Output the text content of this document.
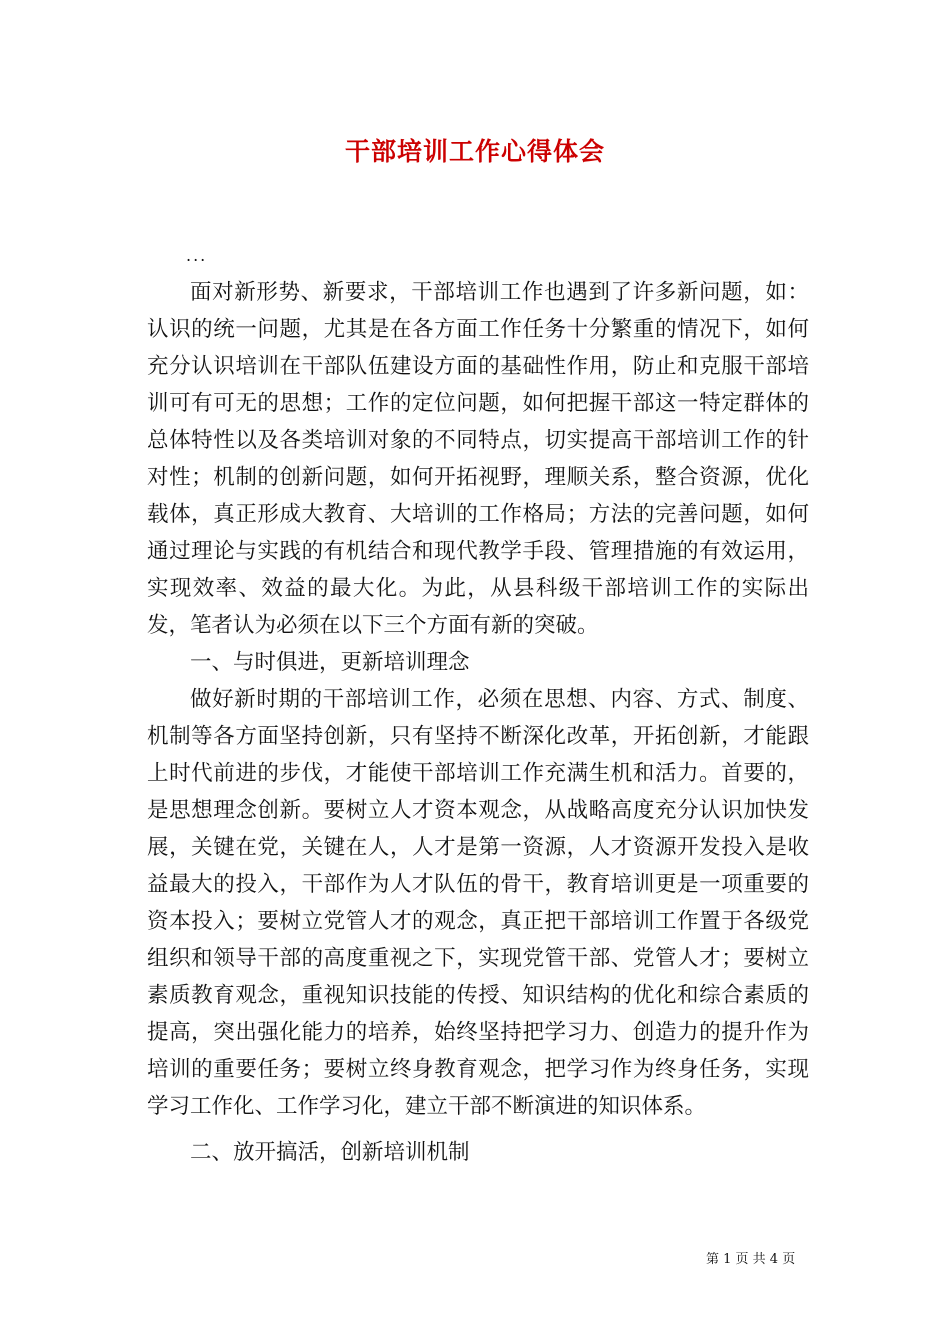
干部培训工作心得体会
...

面对新形势、新要求，干部培训工作也遇到了许多新问题，如：认识的统一问题，尤其是在各方面工作任务十分繁重的情况下，如何充分认识培训在干部队伍建设方面的基础性作用，防止和克服干部培训可有可无的思想；工作的定位问题，如何把握干部这一特定群体的总体特性以及各类培训对象的不同特点，切实提高干部培训工作的针对性；机制的创新问题，如何开拓视野，理顺关系，整合资源，优化载体，真正形成大教育、大培训的工作格局；方法的完善问题，如何通过理论与实践的有机结合和现代教学手段、管理措施的有效运用，实现效率、效益的最大化。为此，从县科级干部培训工作的实际出发，笔者认为必须在以下三个方面有新的突破。

一、与时俱进，更新培训理念

做好新时期的干部培训工作，必须在思想、内容、方式、制度、机制等各方面坚持创新，只有坚持不断深化改革，开拓创新，才能跟上时代前进的步伐，才能使干部培训工作充满生机和活力。首要的，是思想理念创新。要树立人才资本观念，从战略高度充分认识加快发展，关键在党，关键在人，人才是第一资源，人才资源开发投入是收益最大的投入，干部作为人才队伍的骨干，教育培训更是一项重要的资本投入；要树立党管人才的观念，真正把干部培训工作置于各级党组织和领导干部的高度重视之下，实现党管干部、党管人才；要树立素质教育观念，重视知识技能的传授、知识结构的优化和综合素质的提高，突出强化能力的培养，始终坚持把学习力、创造力的提升作为培训的重要任务；要树立终身教育观念，把学习作为终身任务，实现学习工作化、工作学习化，建立干部不断演进的知识体系。

二、放开搞活，创新培训机制

第 1 页 共 4 页
